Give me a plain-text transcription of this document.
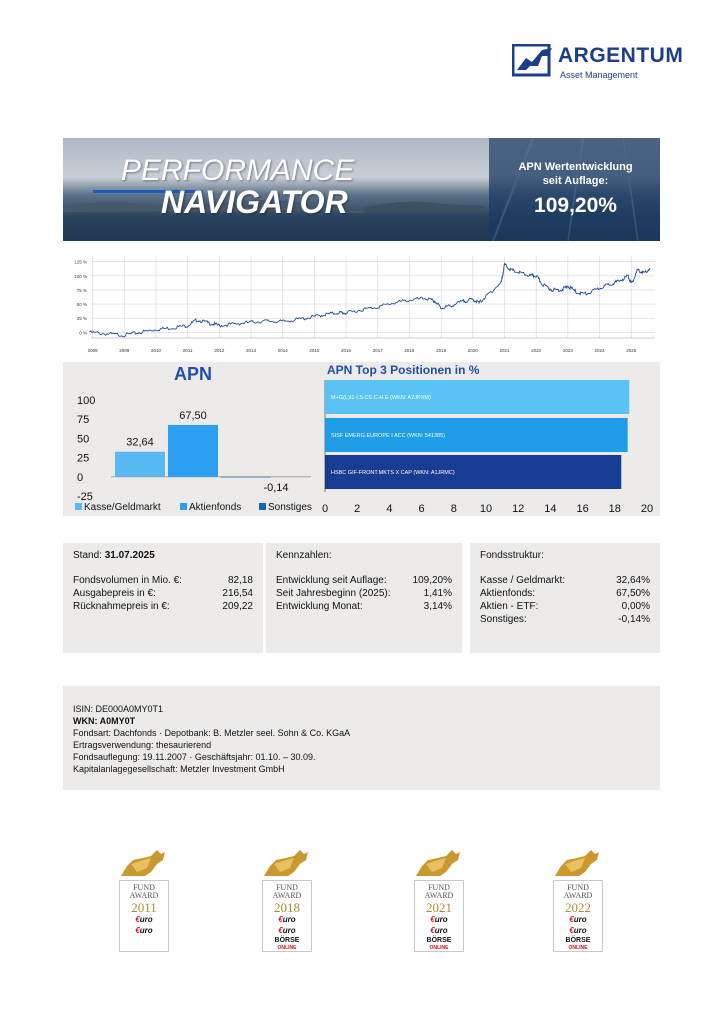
ARGENTUM
Asset Management
PERFORMANCE
NAVIGATOR
APN Wertentwicklung
seit Auflage:
109,20%
125 %
100 %
75 %
50 %
25 %
0 %
2008	2009	2010	2011	2012	2013	2014	2015	2016	2017	2018	2019	2020	2021	2022	2023	2024	2025
APN
100
75
50
25
0
-25
32,64
67,50
-0,14
Kasse/Geldmarkt	Aktienfonds	Sonstiges
APN Top 3 Positionen in %
0 2 4 6 8 10 12 14 16 18 20
M+G(L)I1-I.S.CS C-H E (WKN: A2JPXM)
SISF EMERG.EUROPE I ACC (WKN: 541385)
HSBC GIF-FRONT.MKTS X CAP (WKN: A1JRMC)
Stand: 31.07.2025
Fondsvolumen in Mio. €:	82,18
Ausgabepreis in €:	216,54
Rücknahmepreis in €:	209,22
Kennzahlen:
Entwicklung seit Auflage:	109,20%
Seit Jahresbeginn (2025):	1,41%
Entwicklung Monat:	3,14%
Fondsstruktur:
Kasse / Geldmarkt:	32,64%
Aktienfonds:	67,50%
Aktien - ETF:	0,00%
Sonstiges:	-0,14%
ISIN: DE000A0MY0T1
WKN: A0MY0T
Fondsart: Dachfonds · Depotbank: B. Metzler seel. Sohn & Co. KGaA
Ertragsverwendung: thesaurierend
Fondsauflegung: 19.11.2007 · Geschäftsjahr: 01.10. – 30.09.
Kapitalanlagegesellschaft: Metzler Investment GmbH
FUND
AWARD
2011
€uro
€uro
FUND
AWARD
2018
€uro
€uro
BÖRSE
ONLINE
FUND
AWARD
2021
€uro
€uro
BÖRSE
ONLINE
FUND
AWARD
2022
€uro
€uro
BÖRSE
ONLINE
